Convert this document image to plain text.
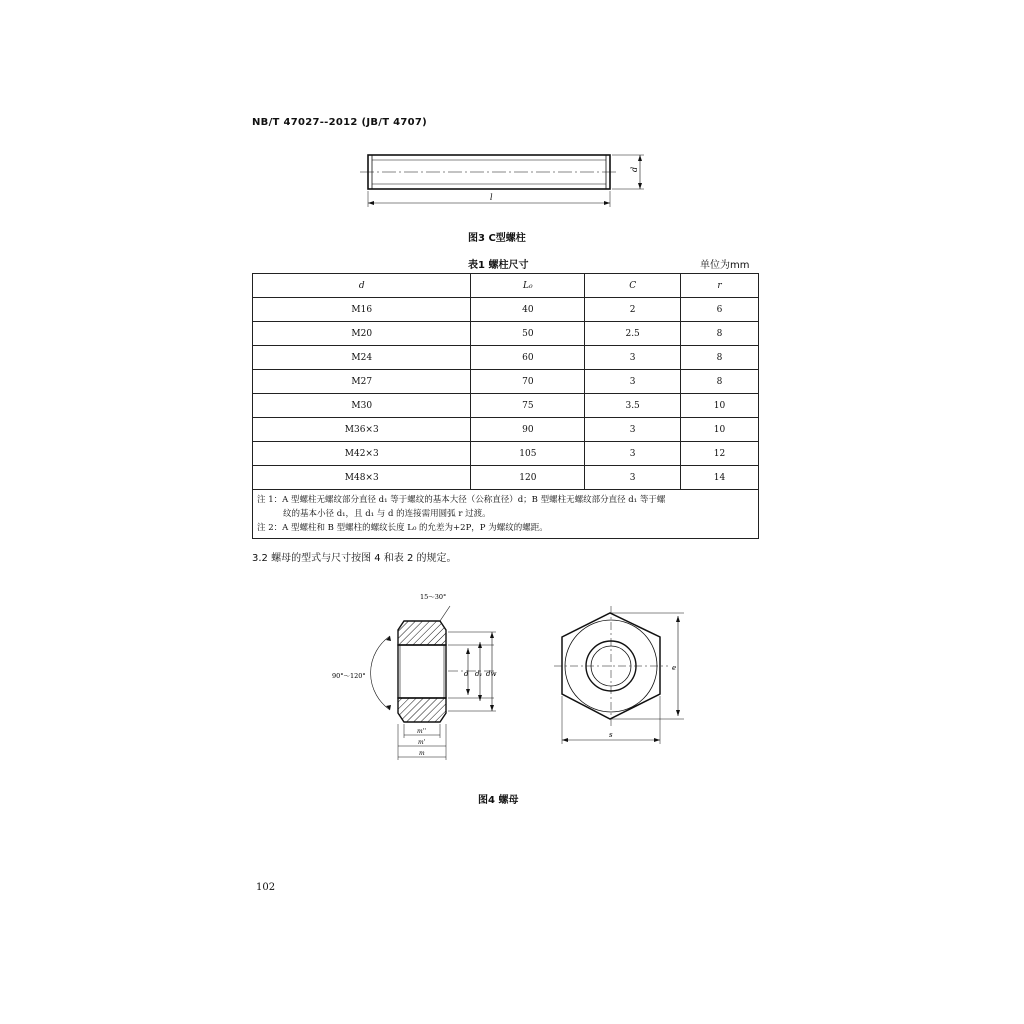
NB/T 47027--2012 (JB/T 4707)
d
l
图3 C型螺柱
表1 螺柱尺寸	单位为mm
d	L₀	C	r
M16	40	2	6
M20	50	2.5	8
M24	60	3	8
M27	70	3	8
M30	75	3.5	10
M36×3	90	3	10
M42×3	105	3	12
M48×3	120	3	14

注 1：A 型螺柱无螺纹部分直径 d₁ 等于螺纹的基本大径（公称直径）d；B 型螺柱无螺纹部分直径 d₁ 等于螺
纹的基本小径 d₁，且 d₁ 与 d 的连接需用圆弧 r 过渡。
注 2：A 型螺柱和 B 型螺柱的螺纹长度 L₀ 的允差为+2P，P 为螺纹的螺距。			
3.2 螺母的型式与尺寸按图 4 和表 2 的规定。
d d₁ dw
15～30°
90°～120°
m''
m'
m
e
s
图4 螺母
102
